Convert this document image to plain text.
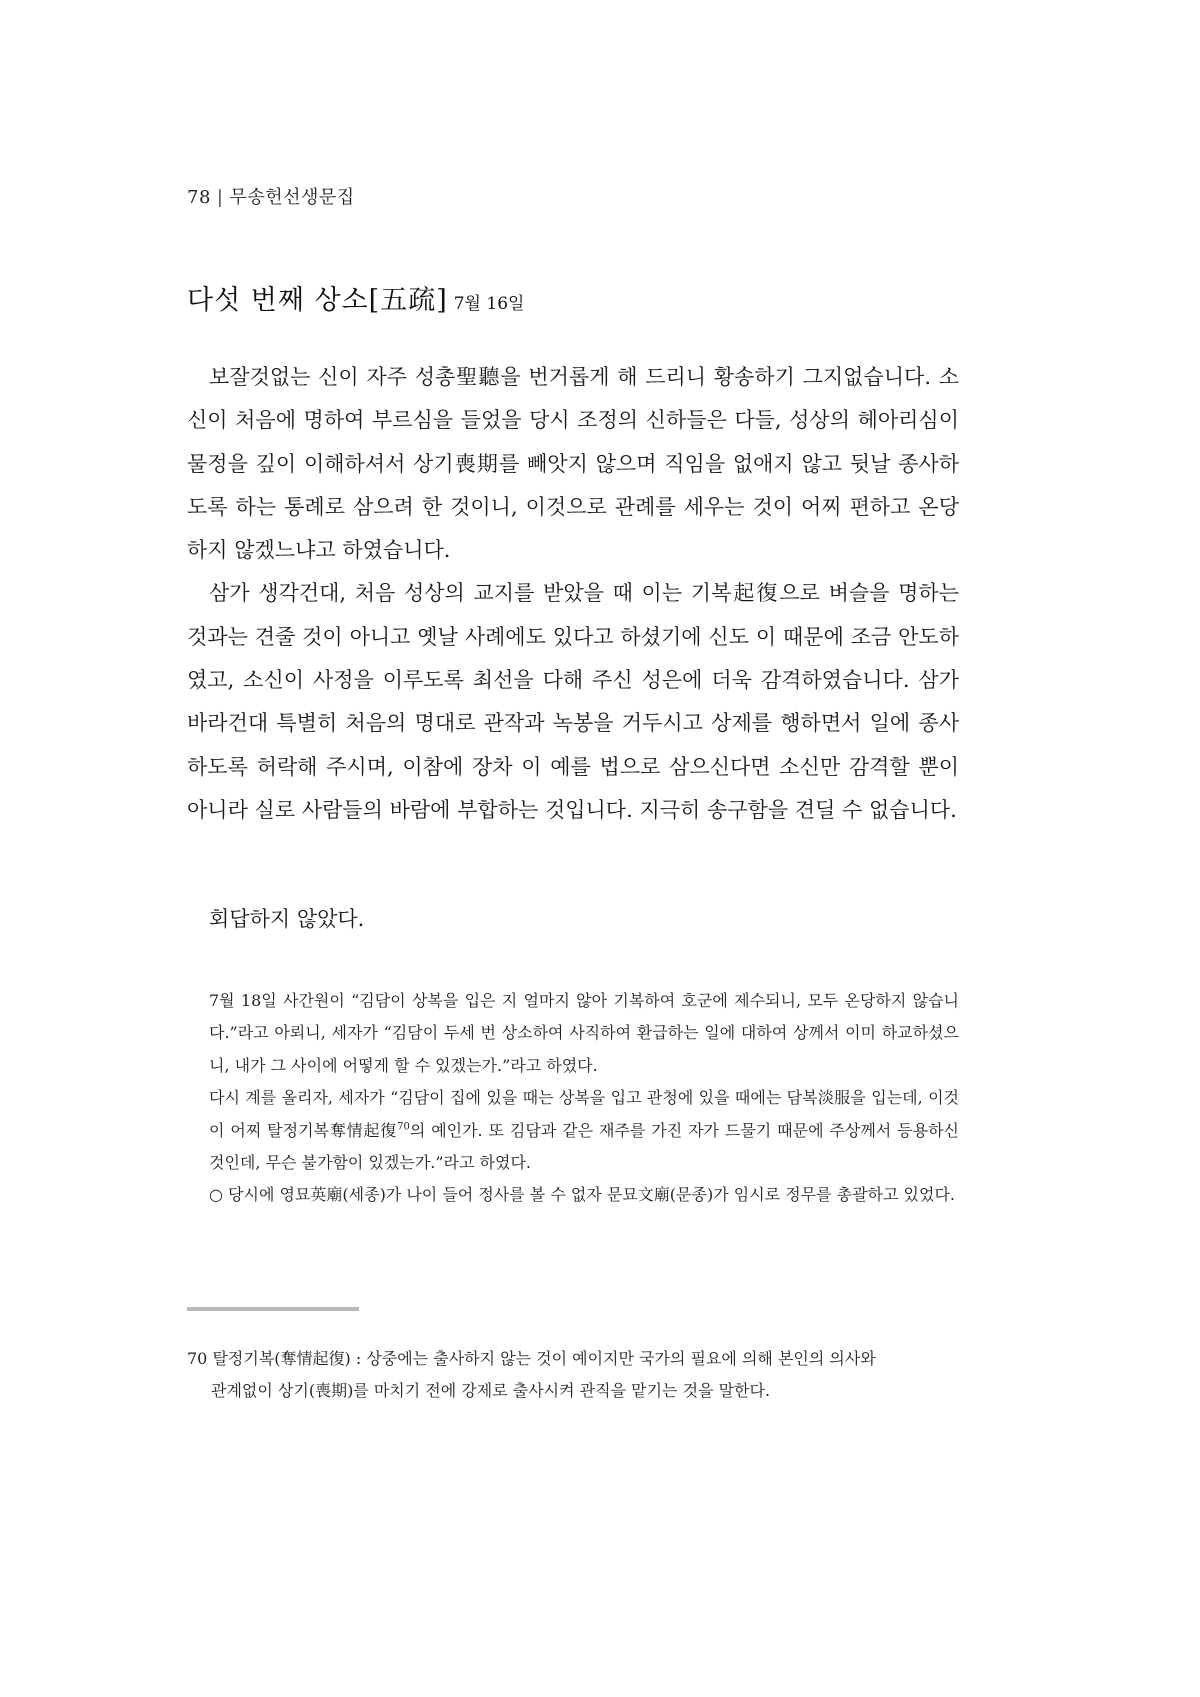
78 | 무송헌선생문집
다섯 번째 상소[五疏] 7월 16일

보잘것없는 신이 자주 성총聖聽을 번거롭게 해 드리니 황송하기 그지없습니다. 소신이 처음에 명하여 부르심을 들었을 당시 조정의 신하들은 다들, 성상의 헤아리심이 물정을 깊이 이해하셔서 상기喪期를 빼앗지 않으며 직임을 없애지 않고 뒷날 종사하도록 하는 통례로 삼으려 한 것이니, 이것으로 관례를 세우는 것이 어찌 편하고 온당하지 않겠느냐고 하였습니다.

삼가 생각건대, 처음 성상의 교지를 받았을 때 이는 기복起復으로 벼슬을 명하는 것과는 견줄 것이 아니고 옛날 사례에도 있다고 하셨기에 신도 이 때문에 조금 안도하였고, 소신이 사정을 이루도록 최선을 다해 주신 성은에 더욱 감격하였습니다. 삼가 바라건대 특별히 처음의 명대로 관작과 녹봉을 거두시고 상제를 행하면서 일에 종사하도록 허락해 주시며, 이참에 장차 이 예를 법으로 삼으신다면 소신만 감격할 뿐이 아니라 실로 사람들의 바람에 부합하는 것입니다. 지극히 송구함을 견딜 수 없습니다.

회답하지 않았다.

7월 18일 사간원이 “김담이 상복을 입은 지 얼마지 않아 기복하여 호군에 제수되니, 모두 온당하지 않습니다.”라고 아뢰니, 세자가 “김담이 두세 번 상소하여 사직하여 환급하는 일에 대하여 상께서 이미 하교하셨으니, 내가 그 사이에 어떻게 할 수 있겠는가.”라고 하였다.

다시 계를 올리자, 세자가 “김담이 집에 있을 때는 상복을 입고 관청에 있을 때에는 담복淡服을 입는데, 이것이 어찌 탈정기복奪情起復$^{70}$의 예인가. 또 김담과 같은 재주를 가진 자가 드물기 때문에 주상께서 등용하신 것인데, 무슨 불가함이 있겠는가.”라고 하였다.

○ 당시에 영묘英廟(세종)가 나이 들어 정사를 볼 수 없자 문묘文廟(문종)가 임시로 정무를 총괄하고 있었다.

70 탈정기복(奪情起復) : 상중에는 출사하지 않는 것이 예이지만 국가의 필요에 의해 본인의 의사와
관계없이 상기(喪期)를 마치기 전에 강제로 출사시켜 관직을 맡기는 것을 말한다.
